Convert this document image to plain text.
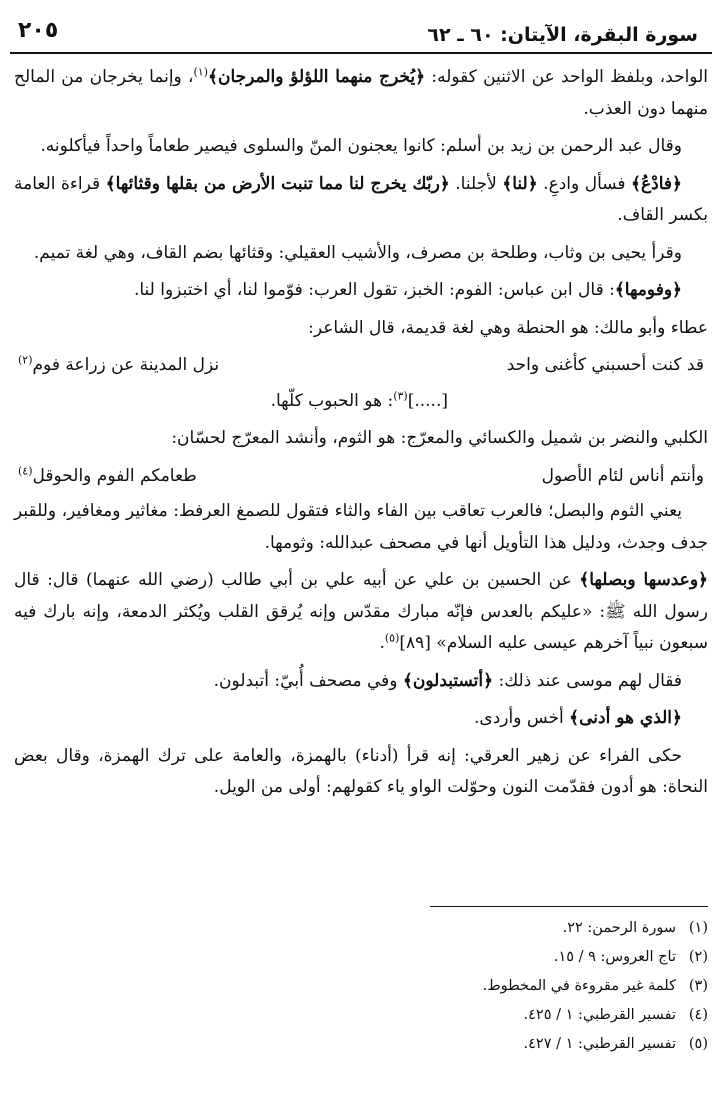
٢٠٥	سورة البقرة، الآيتان: ٦٠ ـ ٦٢

الواحد، وبلفظ الواحد عن الاثنين كقوله: ﴿يُخرج منهما اللؤلؤ والمرجان﴾$^{(١)}$، وإنما يخرجان من المالح منهما دون العذب.

وقال عبد الرحمن بن زيد بن أسلم: كانوا يعجنون المنّ والسلوى فيصير طعاماً واحداً فيأكلونه.

﴿فادْعُ﴾ فسأل وادعِ. ﴿لنا﴾ لأجلنا. ﴿ربّك يخرج لنا مما تنبت الأرض من بقلها وقثائها﴾ قراءة العامة بكسر القاف.

وقرأ يحيى بن وثاب، وطلحة بن مصرف، والأشيب العقيلي: وقثائها بضم القاف، وهي لغة تميم.

﴿وفومها﴾: قال ابن عباس: الفوم: الخبز، تقول العرب: فوّموا لنا، أي اختبزوا لنا.

عطاء وأبو مالك: هو الحنطة وهي لغة قديمة، قال الشاعر:

قد كنت أحسبني كأغنى واحد
نزل المدينة عن زراعة فوم$^{(٢)}$
[.....]$^{(٣)}$: هو الحبوب كلّها.

الكلبي والنضر بن شميل والكسائي والمعرّج: هو الثوم، وأنشد المعرّج لحسّان:

وأنتم أناس لئام الأصول
طعامكم الفوم والحوقل$^{(٤)}$

يعني الثوم والبصل؛ فالعرب تعاقب بين الفاء والثاء فتقول للصمغ العرفط: مغاثير ومغافير، وللقبر جدف وجدث، ودليل هذا التأويل أنها في مصحف عبدالله: وثومها.

﴿وعدسها وبصلها﴾ عن الحسين بن علي عن أبيه علي بن أبي طالب (رضي الله عنهما) قال: قال رسول الله ﷺ: «عليكم بالعدس فإنّه مبارك مقدّس وإنه يُرقق القلب ويُكثر الدمعة، وإنه بارك فيه سبعون نبياً آخرهم عيسى عليه السلام» [٨٩]$^{(٥)}$.

فقال لهم موسى عند ذلك: ﴿أتستبدلون﴾ وفي مصحف أُبيّ: أتبدلون.

﴿الذي هو أدنى﴾ أخس وأردى.

حكى الفراء عن زهير العرقي: إنه قرأ (أدناء) بالهمزة، والعامة على ترك الهمزة، وقال بعض النحاة: هو أدون فقدّمت النون وحوّلت الواو ياء كقولهم: أولى من الويل.

(١)
سورة الرحمن: ٢٢.
(٢)
تاج العروس: ٩ / ١٥.
(٣)
كلمة غير مقروءة في المخطوط.
(٤)
تفسير القرطبي: ١ / ٤٢٥.
(٥)
تفسير القرطبي: ١ / ٤٢٧.
